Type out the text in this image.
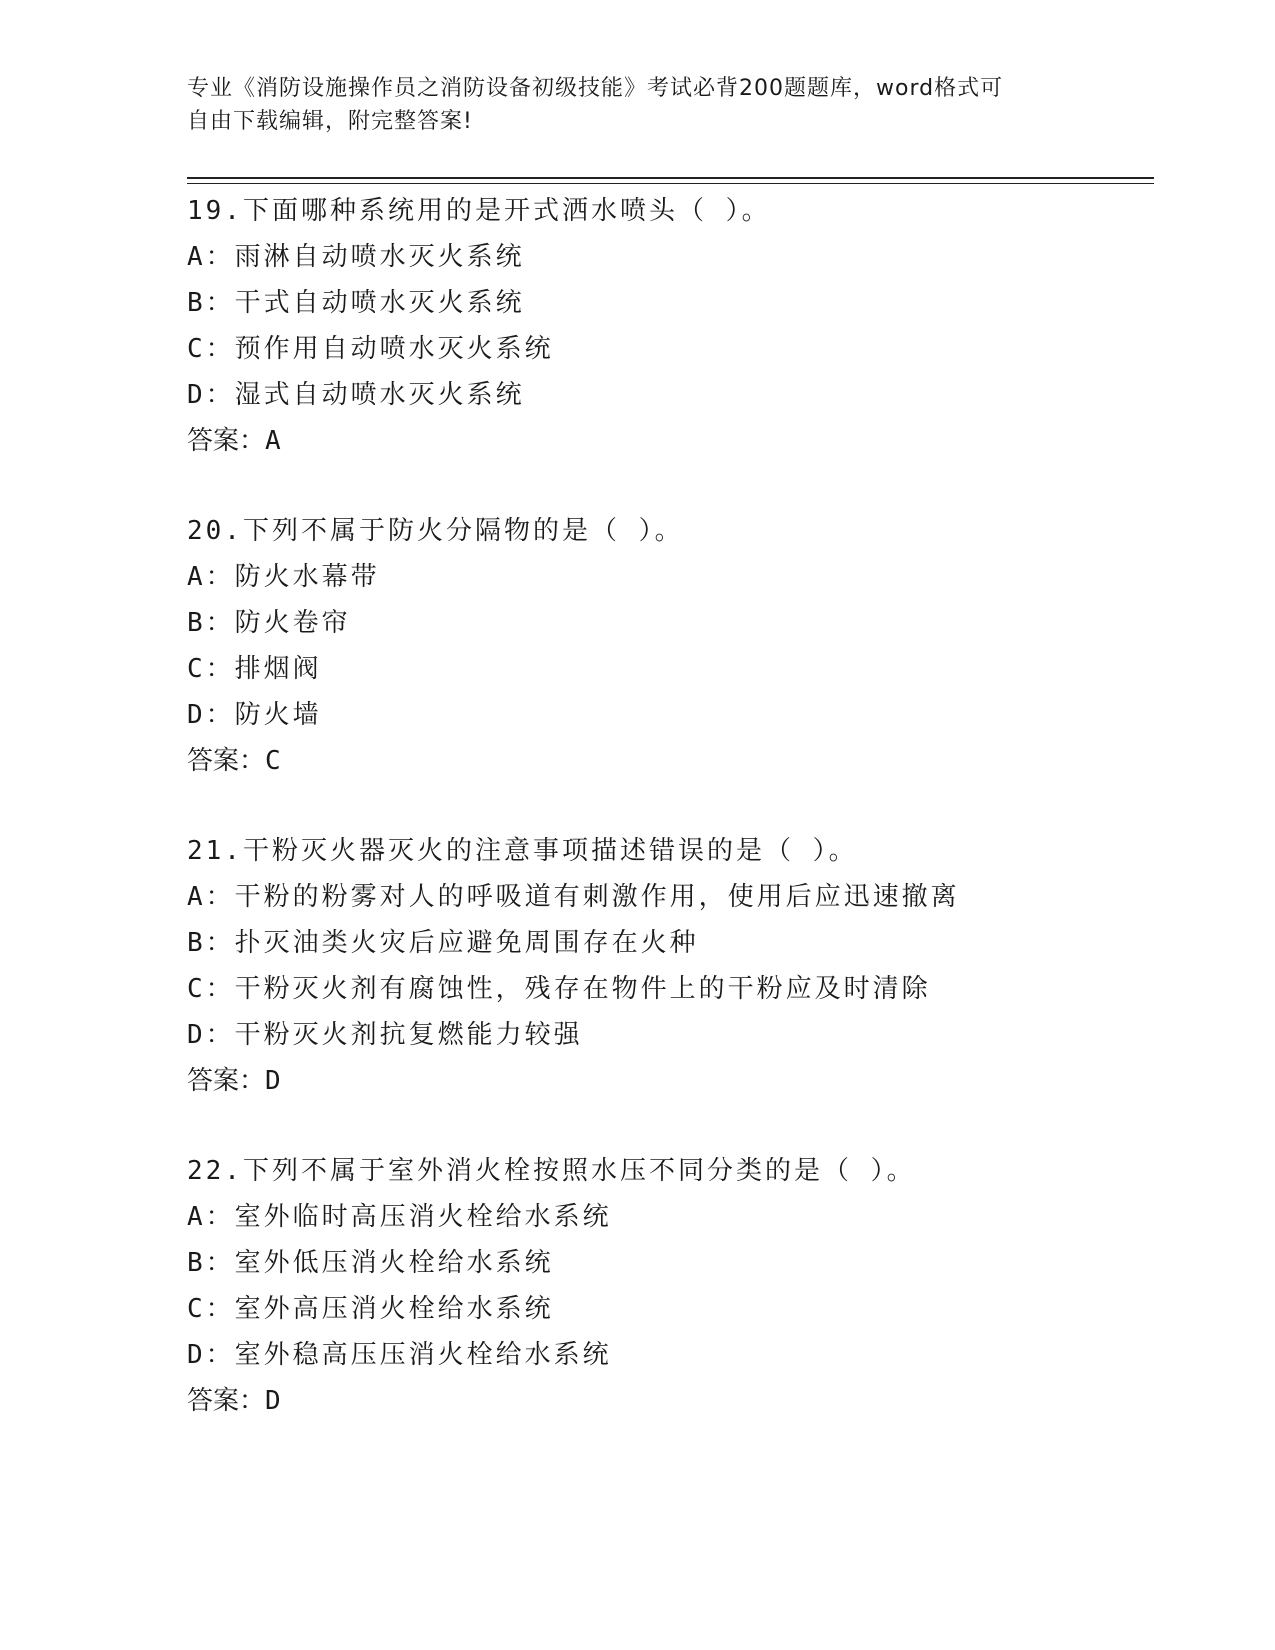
专业《消防设施操作员之消防设备初级技能》考试必背200题题库，word格式可
自由下载编辑，附完整答案!
19.下面哪种系统用的是开式洒水喷头（ ）。
A：雨淋自动喷水灭火系统
B：干式自动喷水灭火系统
C：预作用自动喷水灭火系统
D：湿式自动喷水灭火系统
答案：A
20.下列不属于防火分隔物的是（ ）。
A：防火水幕带
B：防火卷帘
C：排烟阀
D：防火墙
答案：C
21.干粉灭火器灭火的注意事项描述错误的是（ ）。
A：干粉的粉雾对人的呼吸道有刺激作用，使用后应迅速撤离
B：扑灭油类火灾后应避免周围存在火种
C：干粉灭火剂有腐蚀性，残存在物件上的干粉应及时清除
D：干粉灭火剂抗复燃能力较强
答案：D
22.下列不属于室外消火栓按照水压不同分类的是（ ）。
A：室外临时高压消火栓给水系统
B：室外低压消火栓给水系统
C：室外高压消火栓给水系统
D：室外稳高压压消火栓给水系统
答案：D
